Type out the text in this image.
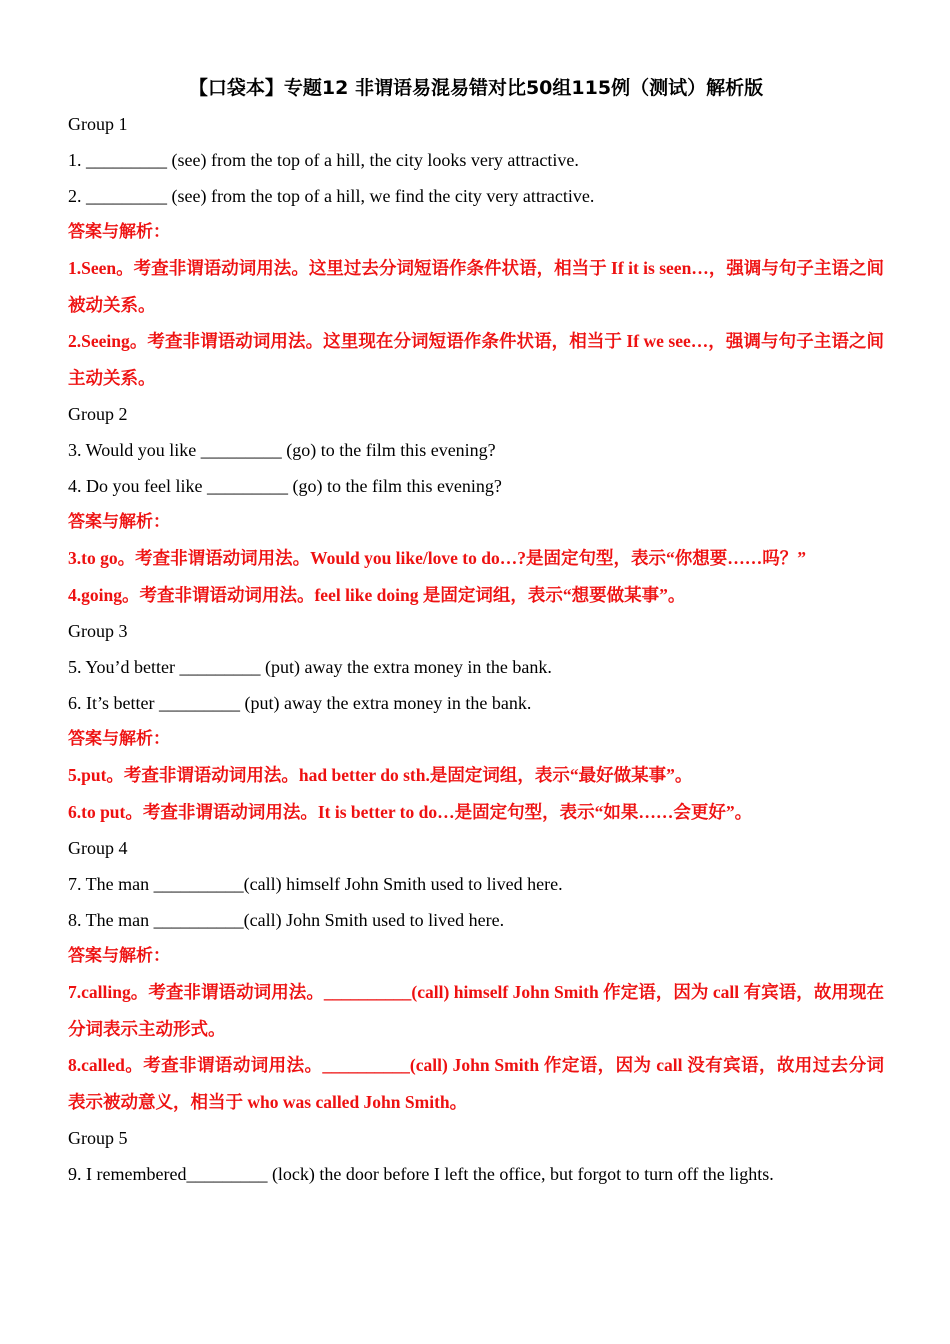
【口袋本】专题12 非谓语易混易错对比50组115例（测试）解析版

Group 1

1. _________ (see) from the top of a hill, the city looks very attractive.

2. _________ (see) from the top of a hill, we find the city very attractive.

答案与解析：

1.Seen。考查非谓语动词用法。这里过去分词短语作条件状语，相当于 If it is seen…，强调与句子主语之间被动关系。

2.Seeing。考查非谓语动词用法。这里现在分词短语作条件状语，相当于 If we see…，强调与句子主语之间主动关系。

Group 2

3. Would you like _________ (go) to the film this evening?

4. Do you feel like _________ (go) to the film this evening?

答案与解析：

3.to go。考查非谓语动词用法。Would you like/love to do…?是固定句型，表示“你想要……吗？”

4.going。考查非谓语动词用法。feel like doing 是固定词组，表示“想要做某事”。

Group 3

5. You’d better _________ (put) away the extra money in the bank.

6. It’s better _________ (put) away the extra money in the bank.

答案与解析：

5.put。考查非谓语动词用法。had better do sth.是固定词组，表示“最好做某事”。

6.to put。考查非谓语动词用法。It is better to do…是固定句型，表示“如果……会更好”。

Group 4

7. The man __________(call) himself John Smith used to lived here.

8. The man __________(call) John Smith used to lived here.

答案与解析：

7.calling。考查非谓语动词用法。__________(call) himself John Smith 作定语，因为 call 有宾语，故用现在分词表示主动形式。

8.called。考查非谓语动词用法。__________(call) John Smith 作定语，因为 call 没有宾语，故用过去分词表示被动意义，相当于 who was called John Smith。

Group 5

9. I remembered_________ (lock) the door before I left the office, but forgot to turn off the lights.
